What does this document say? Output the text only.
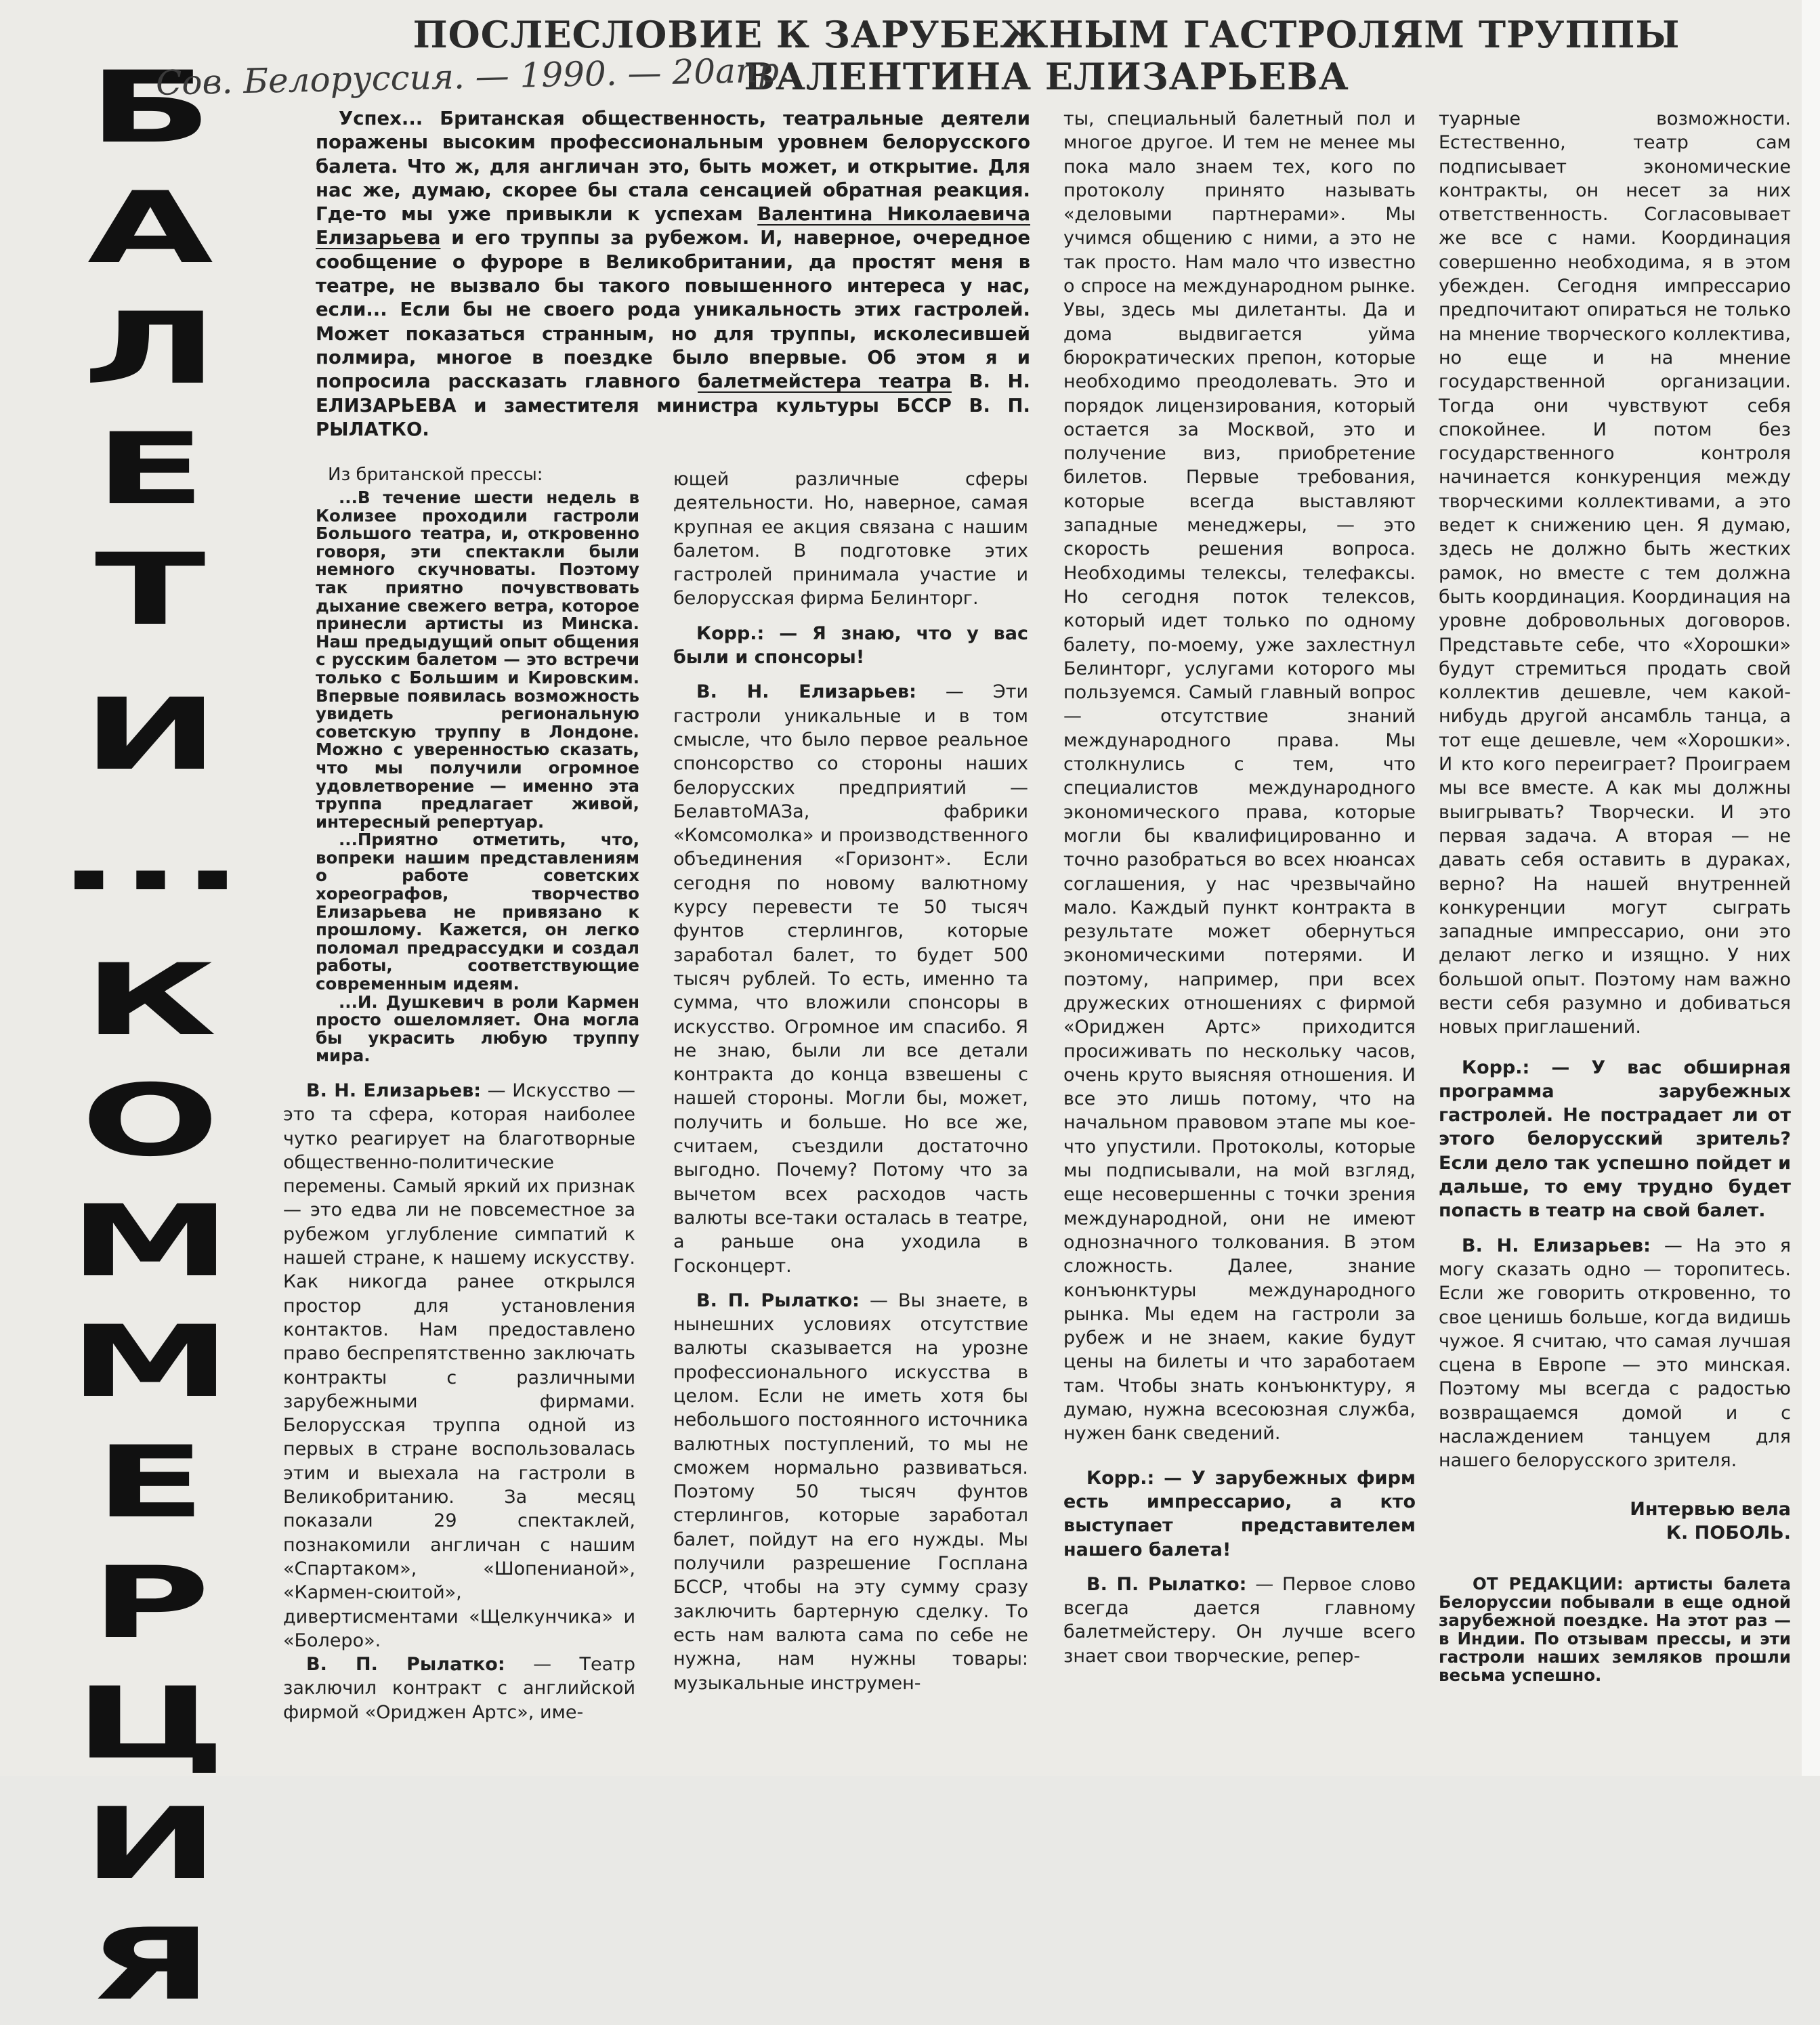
Б
А
Л
Е
Т
И
...
К
О
М
М
Е
Р
Ц
И
Я
ПОСЛЕСЛОВИЕ К ЗАРУБЕЖНЫМ ГАСТРОЛЯМ ТРУППЫ ВАЛЕНТИНА ЕЛИЗАРЬЕВА
Сов. Белоруссия. — 1990. — 20апр.
Успех... Британская общественность, театральные деятели поражены высоким профессиональным уровнем белорусского балета. Что ж, для англичан это, быть может, и открытие. Для нас же, думаю, скорее бы стала сенсацией обратная реакция. Где-то мы уже привыкли к успехам Валентина Николаевича Елизарьева и его труппы за рубежом. И, наверное, очередное сообщение о фуроре в Великобритании, да простят меня в театре, не вызвало бы такого повышенного интереса у нас, если... Если бы не своего рода уникальность этих гастролей. Может показаться странным, но для труппы, исколесившей полмира, многое в поездке было впервые. Об этом я и попросила рассказать главного балетмейстера театра В. Н. ЕЛИЗАРЬЕВА и заместителя министра культуры БССР В. П. РЫЛАТКО.
Из британской прессы:

...В течение шести недель в Колизее проходили гастроли Большого театра, и, откровенно говоря, эти спектакли были немного скучноваты. Поэтому так приятно почувствовать дыхание свежего ветра, которое принесли артисты из Минска. Наш предыдущий опыт общения с русским балетом — это встречи только с Большим и Кировским. Впервые появилась возможность увидеть региональную советскую труппу в Лондоне. Можно с уверенностью сказать, что мы получили огромное удовлетворение — именно эта труппа предлагает живой, интересный репертуар.

...Приятно отметить, что, вопреки нашим представлениям о работе советских хореографов, творчество Елизарьева не привязано к прошлому. Кажется, он легко поломал предрассудки и создал работы, соответствующие современным идеям.

...И. Душкевич в роли Кармен просто ошеломляет. Она могла бы украсить любую труппу мира.

В. Н. Елизарьев: — Искусство — это та сфера, которая наиболее чутко реагирует на благотворные общественно-политические перемены. Самый яркий их признак — это едва ли не повсеместное за рубежом углубление симпатий к нашей стране, к нашему искусству. Как никогда ранее открылся простор для установления контактов. Нам предоставлено право беспрепятственно заключать контракты с различными зарубежными фирмами. Белорусская труппа одной из первых в стране воспользовалась этим и выехала на гастроли в Великобританию. За месяц показали 29 спектаклей, познакомили англичан с нашим «Спартаком», «Шопенианой», «Кармен-сюитой», дивертисментами «Щелкунчика» и «Болеро».

В. П. Рылатко: — Театр заключил контракт с английской фирмой «Ориджен Артс», име-

ющей различные сферы деятельности. Но, наверное, самая крупная ее акция связана с нашим балетом. В подготовке этих гастролей принимала участие и белорусская фирма Белинторг.

Корр.: — Я знаю, что у вас были и спонсоры!

В. Н. Елизарьев: — Эти гастроли уникальные и в том смысле, что было первое реальное спонсорство со стороны наших белорусских предприятий — БелавтоМАЗа, фабрики «Комсомолка» и производственного объединения «Горизонт». Если сегодня по новому валютному курсу перевести те 50 тысяч фунтов стерлингов, которые заработал балет, то будет 500 тысяч рублей. То есть, именно та сумма, что вложили спонсоры в искусство. Огромное им спасибо. Я не знаю, были ли все детали контракта до конца взвешены с нашей стороны. Могли бы, может, получить и больше. Но все же, считаем, съездили достаточно выгодно. Почему? Потому что за вычетом всех расходов часть валюты все-таки осталась в театре, а раньше она уходила в Госконцерт.

В. П. Рылатко: — Вы знаете, в нынешних условиях отсутствие валюты сказывается на урозне профессионального искусства в целом. Если не иметь хотя бы небольшого постоянного источника валютных поступлений, то мы не сможем нормально развиваться. Поэтому 50 тысяч фунтов стерлингов, которые заработал балет, пойдут на его нужды. Мы получили разрешение Госплана БССР, чтобы на эту сумму сразу заключить бартерную сделку. То есть нам валюта сама по себе не нужна, нам нужны товары: музыкальные инструмен-

ты, специальный балетный пол и многое другое. И тем не менее мы пока мало знаем тех, кого по протоколу принято называть «деловыми партнерами». Мы учимся общению с ними, а это не так просто. Нам мало что известно о спросе на международном рынке. Увы, здесь мы дилетанты. Да и дома выдвигается уйма бюрократических препон, которые необходимо преодолевать. Это и порядок лицензирования, который остается за Москвой, это и получение виз, приобретение билетов. Первые требования, которые всегда выставляют западные менеджеры, — это скорость решения вопроса. Необходимы телексы, телефаксы. Но сегодня поток телексов, который идет только по одному балету, по-моему, уже захлестнул Белинторг, услугами которого мы пользуемся. Самый главный вопрос — отсутствие знаний международного права. Мы столкнулись с тем, что специалистов международного экономического права, которые могли бы квалифицированно и точно разобраться во всех нюансах соглашения, у нас чрезвычайно мало. Каждый пункт контракта в результате может обернуться экономическими потерями. И поэтому, например, при всех дружеских отношениях с фирмой «Ориджен Артс» приходится просиживать по нескольку часов, очень круто выясняя отношения. И все это лишь потому, что на начальном правовом этапе мы кое-что упустили. Протоколы, которые мы подписывали, на мой взгляд, еще несовершенны с точки зрения международной, они не имеют однозначного толкования. В этом сложность. Далее, знание конъюнктуры международного рынка. Мы едем на гастроли за рубеж и не знаем, какие будут цены на билеты и что заработаем там. Чтобы знать конъюнктуру, я думаю, нужна всесоюзная служба, нужен банк сведений.

Корр.: — У зарубежных фирм есть импрессарио, а кто выступает представителем нашего балета!

В. П. Рылатко: — Первое слово всегда дается главному балетмейстеру. Он лучше всего знает свои творческие, репер-

туарные возможности. Естественно, театр сам подписывает экономические контракты, он несет за них ответственность. Согласовывает же все с нами. Координация совершенно необходима, я в этом убежден. Сегодня импрессарио предпочитают опираться не только на мнение творческого коллектива, но еще и на мнение государственной организации. Тогда они чувствуют себя спокойнее. И потом без государственного контроля начинается конкуренция между творческими коллективами, а это ведет к снижению цен. Я думаю, здесь не должно быть жестких рамок, но вместе с тем должна быть координация. Координация на уровне добровольных договоров. Представьте себе, что «Хорошки» будут стремиться продать свой коллектив дешевле, чем какой-нибудь другой ансамбль танца, а тот еще дешевле, чем «Хорошки». И кто кого переиграет? Проиграем мы все вместе. А как мы должны выигрывать? Творчески. И это первая задача. А вторая — не давать себя оставить в дураках, верно? На нашей внутренней конкуренции могут сыграть западные импрессарио, они это делают легко и изящно. У них большой опыт. Поэтому нам важно вести себя разумно и добиваться новых приглашений.

Корр.: — У вас обширная программа зарубежных гастролей. Не пострадает ли от этого белорусский зритель? Если дело так успешно пойдет и дальше, то ему трудно будет попасть в театр на свой балет.

В. Н. Елизарьев: — На это я могу сказать одно — торопитесь. Если же говорить откровенно, то свое ценишь больше, когда видишь чужое. Я считаю, что самая лучшая сцена в Европе — это минская. Поэтому мы всегда с радостью возвращаемся домой и с наслаждением танцуем для нашего белорусского зрителя.

Интервью вела
К. ПОБОЛЬ.
ОТ РЕДАКЦИИ: артисты балета Белоруссии побывали в еще одной зарубежной поездке. На этот раз — в Индии. По отзывам прессы, и эти гастроли наших земляков прошли весьма успешно.
